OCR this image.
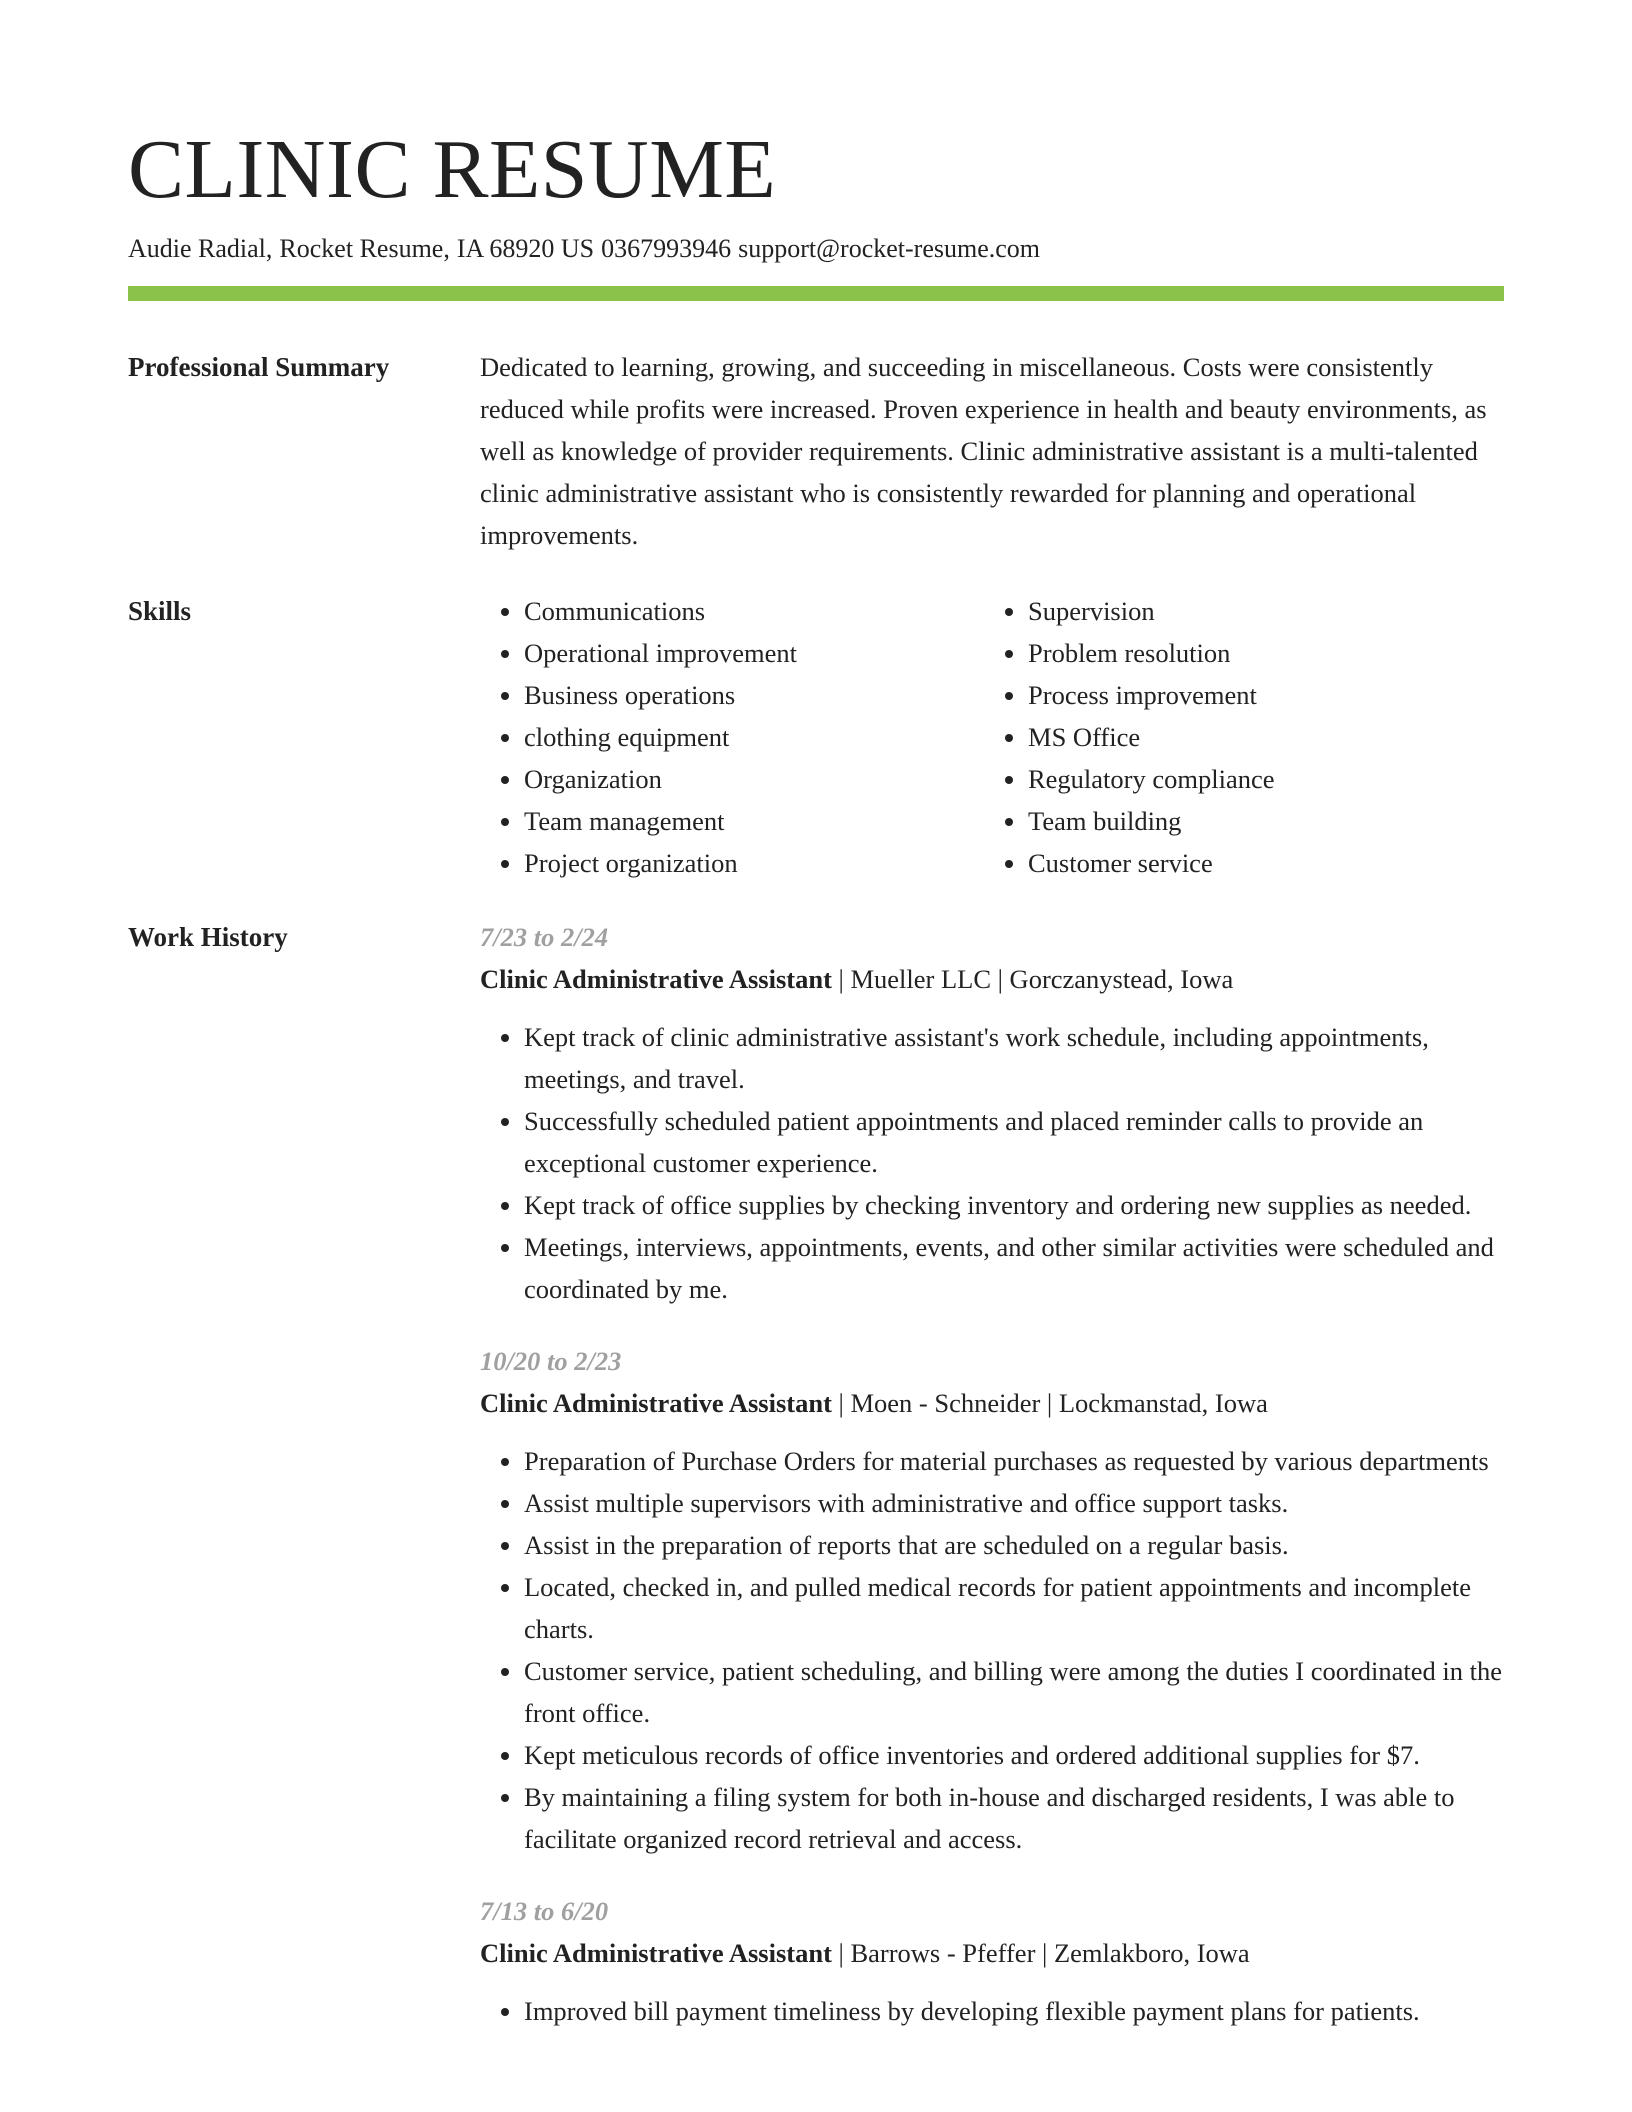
CLINIC RESUME
Audie Radial, Rocket Resume, IA 68920 US 0367993946 support@rocket-resume.com
Professional Summary	Dedicated to learning, growing, and succeeding in miscellaneous. Costs were consistently reduced while profits were increased. Proven experience in health and beauty environments, as well as knowledge of provider requirements. Clinic administrative assistant is a multi-talented clinic administrative assistant who is consistently rewarded for planning and operational improvements.

Skills
•	Communications
• Operational improvement
• Business operations
• clothing equipment
• Organization
• Team management
• Project organization
• Supervision
• Problem resolution
• Process improvement
• MS Office
• Regulatory compliance
• Team building
• Customer service
Work History	7/23 to 2/24
Clinic Administrative Assistant | Mueller LLC | Gorczanystead, Iowa
• Kept track of clinic administrative assistant's work schedule, including appointments, meetings, and travel.
• Successfully scheduled patient appointments and placed reminder calls to provide an exceptional customer experience.
• Kept track of office supplies by checking inventory and ordering new supplies as needed.
• Meetings, interviews, appointments, events, and other similar activities were scheduled and coordinated by me.
10/20 to 2/23
Clinic Administrative Assistant | Moen - Schneider | Lockmanstad, Iowa
• Preparation of Purchase Orders for material purchases as requested by various departments
• Assist multiple supervisors with administrative and office support tasks.
• Assist in the preparation of reports that are scheduled on a regular basis.
• Located, checked in, and pulled medical records for patient appointments and incomplete charts.
• Customer service, patient scheduling, and billing were among the duties I coordinated in the front office.
• Kept meticulous records of office inventories and ordered additional supplies for $7.
• By maintaining a filing system for both in-house and discharged residents, I was able to facilitate organized record retrieval and access.
7/13 to 6/20
Clinic Administrative Assistant | Barrows - Pfeffer | Zemlakboro, Iowa
• Improved bill payment timeliness by developing flexible payment plans for patients.
